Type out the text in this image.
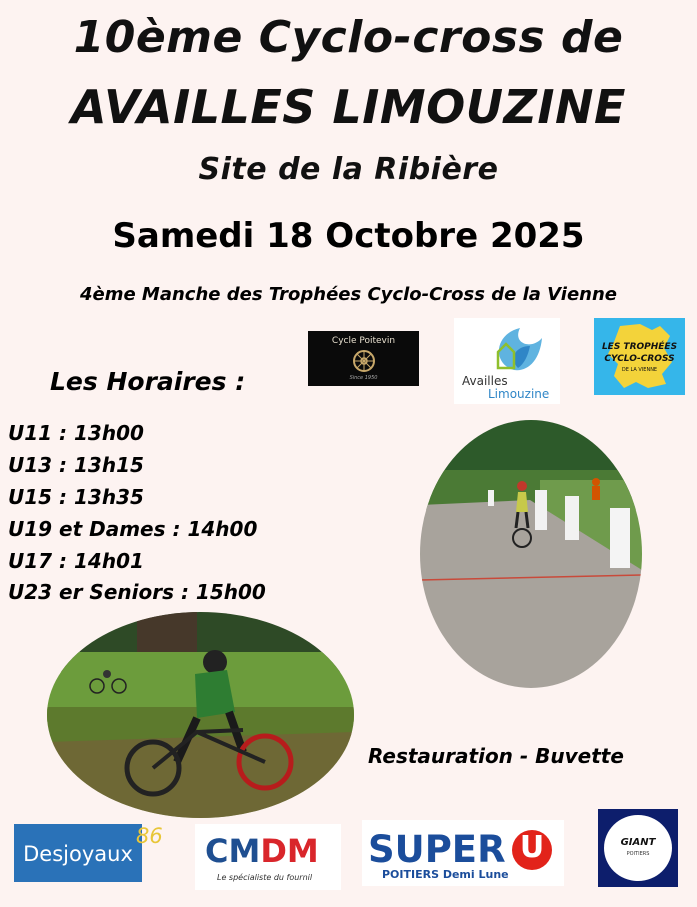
10ème Cyclo-cross de
AVAILLES LIMOUZINE
Site de la Ribière
Samedi 18 Octobre 2025
4ème Manche des Trophées Cyclo-Cross de la Vienne
Cycle Poitevin
Since 1950	Availles
Limouzine
LES TROPHÉES
CYCLO-CROSS
DE LA VIENNE
Les Horaires :
U11 : 13h00
U13 : 13h15
U15 : 13h35
U19 et Dames : 14h00
U17 : 14h01
U23 er Seniors : 15h00
Restauration - Buvette
Desjoyaux
86 CMDM
Le spécialiste du fournil
SUPER U
POITIERS Demi Lune
GIANT
POITIERS
